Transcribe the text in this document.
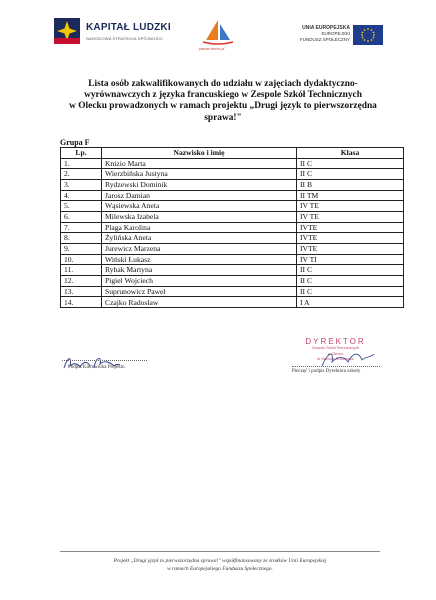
KAPITAŁ LUDZKI
NARODOWA STRATEGIA SPÓJNOŚCI
pasnet.olecko.pl
UNIA EUROPEJSKA
EUROPEJSKI
FUNDUSZ SPOŁECZNY
Lista osób zakwalifikowanych do udziału w zajęciach dydaktyczno-
wyrównawczych z języka francuskiego w Zespole Szkół Technicznych
w Olecku prowadzonych w ramach projektu „Drugi język to pierwszorzędna
sprawa!"
Grupa F
Lp.	Nazwisko i imię	Klasa
1.	Knizio Marta	II C
2.	Wierzbińska Justyna	II C
3.	Rydzewski Dominik	II B
4.	Jarosz Damian	II TM
5.	Wąsiewska Aneta	IV TE
6.	Milewska Izabela	IV TE
7.	Plaga Karolina	IVTE
8.	Żylińska Aneta	IVTE
9.	Jurewicz Marzena	IVTE
10.	Wiński Łukasz	IV TI
11.	Rybak Martyna	II C
12.	Pigiel Wojciech	II C
13.	Suprunowicz Paweł	II C
14.	Czajko Radosław	I A
Podpis Kierownika Projektu
DYREKTOR
Zespołu Szkół Technicznych
w Olecku
dr Mariusz Ruszewski
Pieczęć i podpis Dyrektora szkoły
Projekt „Drugi język to pierwszorzędna sprawa!" współfinansowany ze środków Unii Europejskiej
w ramach Europejskiego Funduszu Społecznego.
